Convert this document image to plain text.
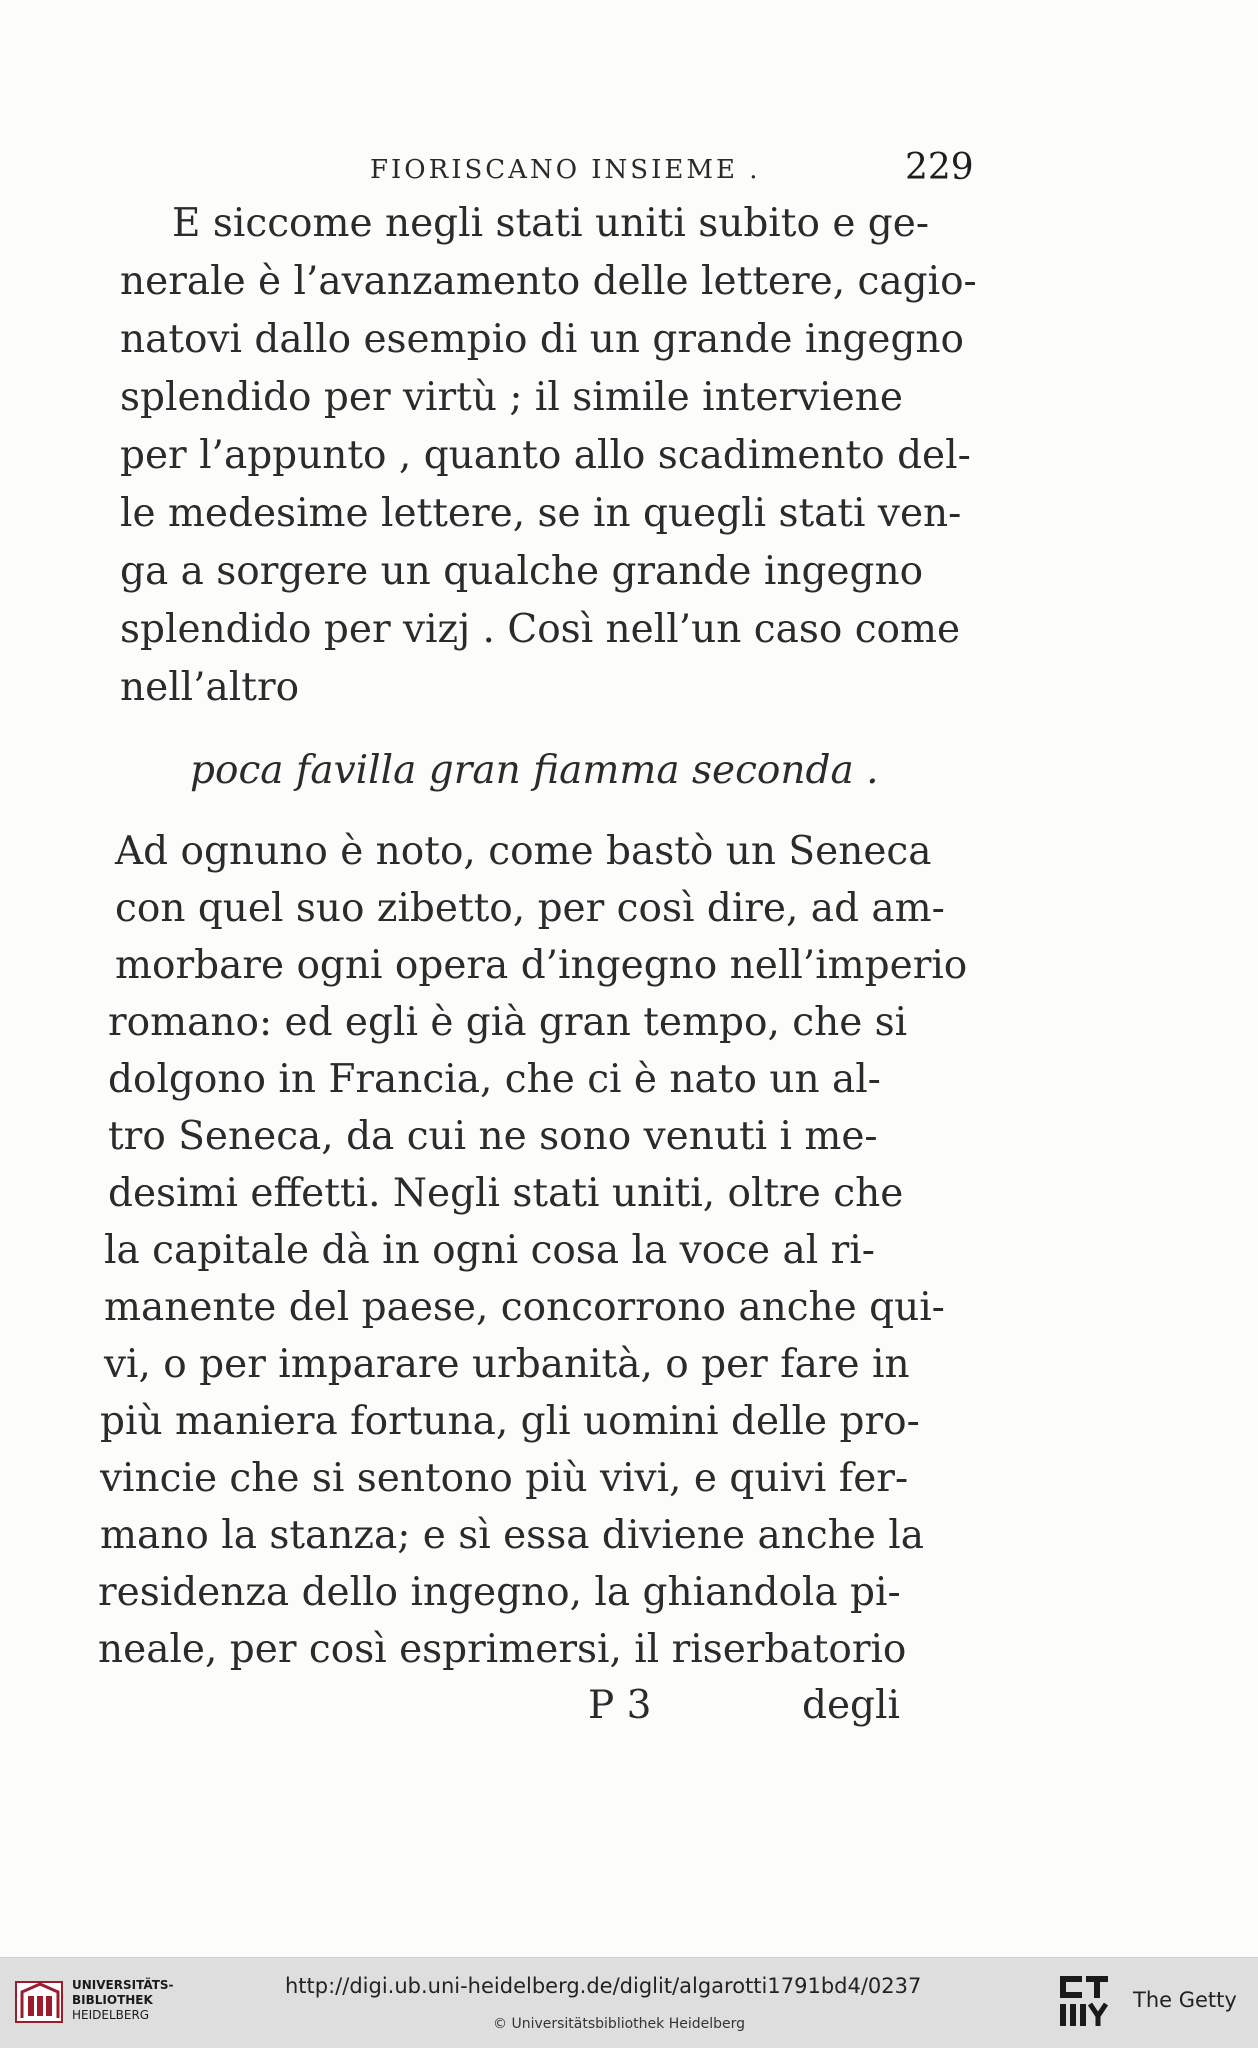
FIORISCANO INSIEME .	229
E siccome negli stati uniti subito e ge-
nerale è l’avanzamento delle lettere, cagio-
natovi dallo esempio di un grande ingegno
splendido per virtù ; il simile interviene
per l’appunto , quanto allo scadimento del-
le medesime lettere, se in quegli stati ven-
ga a sorgere un qualche grande ingegno
splendido per vizj . Così nell’un caso come
nell’altro
poca favilla gran fiamma seconda .
Ad ognuno è noto, come bastò un Seneca
con quel suo zibetto, per così dire, ad am-
morbare ogni opera d’ingegno nell’imperio
romano: ed egli è già gran tempo, che si
dolgono in Francia, che ci è nato un al-
tro Seneca, da cui ne sono venuti i me-
desimi effetti. Negli stati uniti, oltre che
la capitale dà in ogni cosa la voce al ri-
manente del paese, concorrono anche qui-
vi, o per imparare urbanità, o per fare in
più maniera fortuna, gli uomini delle pro-
vincie che si sentono più vivi, e quivi fer-
mano la stanza; e sì essa diviene anche la
residenza dello ingegno, la ghiandola pi-
neale, per così esprimersi, il riserbatorio
P 3	degli
UNIVERSITÄTS-
BIBLIOTHEK
HEIDELBERG
http://digi.ub.uni-heidelberg.de/diglit/algarotti1791bd4/0237
© Universitätsbibliothek Heidelberg
The Getty
